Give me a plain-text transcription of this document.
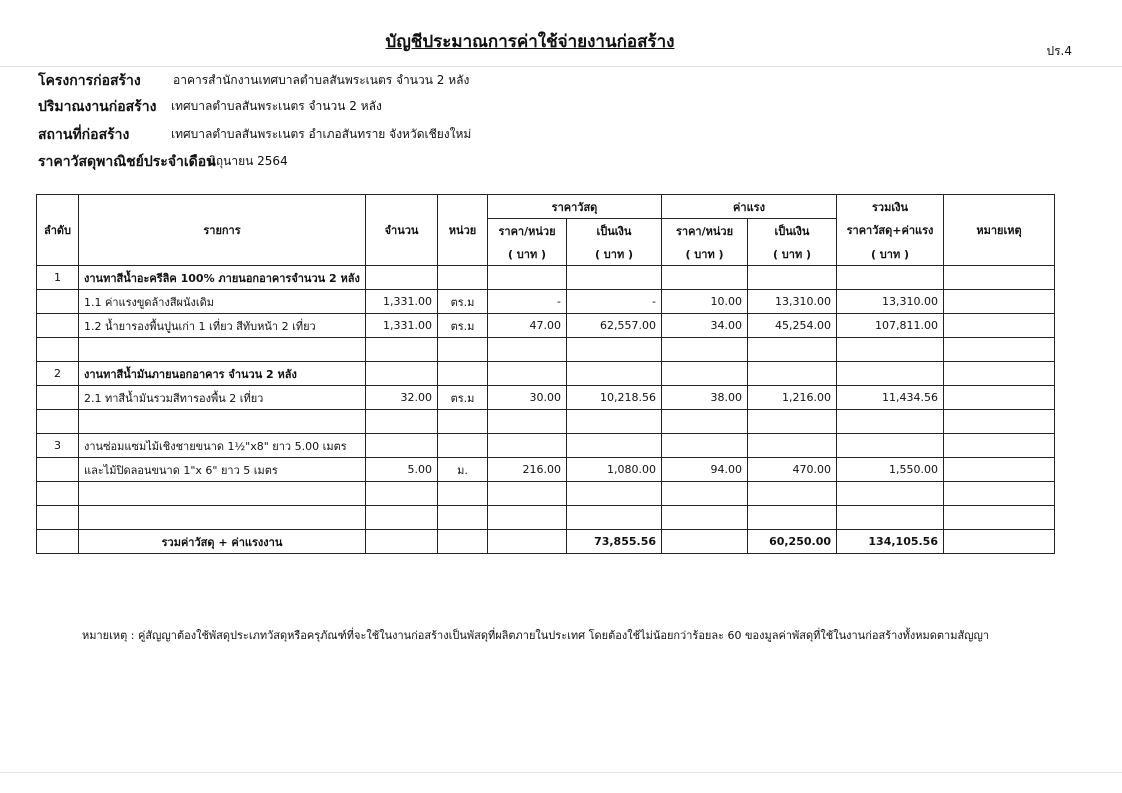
บัญชีประมาณการค่าใช้จ่ายงานก่อสร้าง	ปร.4
โครงการก่อสร้าง	อาคารสำนักงานเทศบาลตำบลสันพระเนตร จำนวน 2 หลัง
ปริมาณงานก่อสร้าง เทศบาลตำบลสันพระเนตร จำนวน 2 หลัง
สถานที่ก่อสร้าง	เทศบาลตำบลสันพระเนตร อำเภอสันทราย จังหวัดเชียงใหม่
ราคาวัสดุพาณิชย์ประจำเดือน
มิถุนายน 2564
				ราคาวัสดุ		ค่าแรง		รวมเงิน	
ลำดับ	รายการ	จำนวน	หน่วย	ราคา/หน่วย	เป็นเงิน	ราคา/หน่วย	เป็นเงิน	ราคาวัสดุ+ค่าแรง	หมายเหตุ
				( บาท )	( บาท )	( บาท )	( บาท )	( บาท )	
1	งานทาสีน้ำอะครีลิค 100% ภายนอกอาคารจำนวน 2 หลัง								
	1.1 ค่าแรงขูดล้างสีผนังเดิม	1,331.00	ตร.ม	-	-	10.00	13,310.00	13,310.00	
	1.2 น้ำยารองพื้นปูนเก่า 1 เที่ยว สีทับหน้า 2 เที่ยว	1,331.00	ตร.ม	47.00	62,557.00	34.00	45,254.00	107,811.00	

2	งานทาสีน้ำมันภายนอกอาคาร จำนวน 2 หลัง								
	2.1 ทาสีน้ำมันรวมสีทารองพื้น 2 เที่ยว	32.00	ตร.ม	30.00	10,218.56	38.00	1,216.00	11,434.56	

3	งานซ่อมแซมไม้เชิงชายขนาด 1½"x8" ยาว 5.00 เมตร								
	และไม้ปิดลอนขนาด 1"x 6" ยาว 5 เมตร	5.00	ม.	216.00	1,080.00	94.00	470.00	1,550.00	

	รวมค่าวัสดุ + ค่าแรงงาน				73,855.56		60,250.00	134,105.56	
หมายเหตุ : คู่สัญญาต้องใช้พัสดุประเภทวัสดุหรือครุภัณฑ์ที่จะใช้ในงานก่อสร้างเป็นพัสดุที่ผลิตภายในประเทศ โดยต้องใช้ไม่น้อยกว่าร้อยละ 60 ของมูลค่าพัสดุที่ใช้ในงานก่อสร้างทั้งหมดตามสัญญา
